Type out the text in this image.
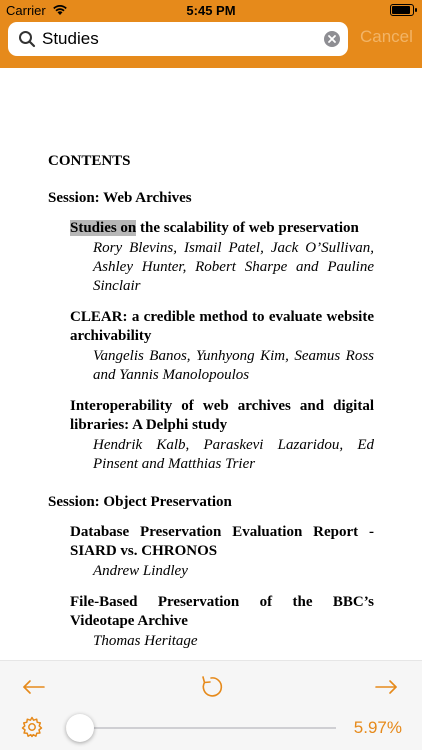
Carrier	5:45 PM
Studies
Cancel
CONTENTS
Session: Web Archives
Studies on the scalability of web preservation
Rory Blevins, Ismail Patel, Jack O’Sullivan, Ashley Hunter, Robert Sharpe and Pauline Sinclair
CLEAR: a credible method to evaluate website archivability
Vangelis Banos, Yunhyong Kim, Seamus Ross and Yannis Manolopoulos
Interoperability of web archives and digital libraries: A Delphi study
Hendrik Kalb, Paraskevi Lazaridou, Ed Pinsent and Matthias Trier
Session: Object Preservation
Database Preservation Evaluation Report - SIARD vs. CHRONOS
Andrew Lindley
File-Based Preservation of the BBC’s Videotape Archive
Thomas Heritage
5.97%
